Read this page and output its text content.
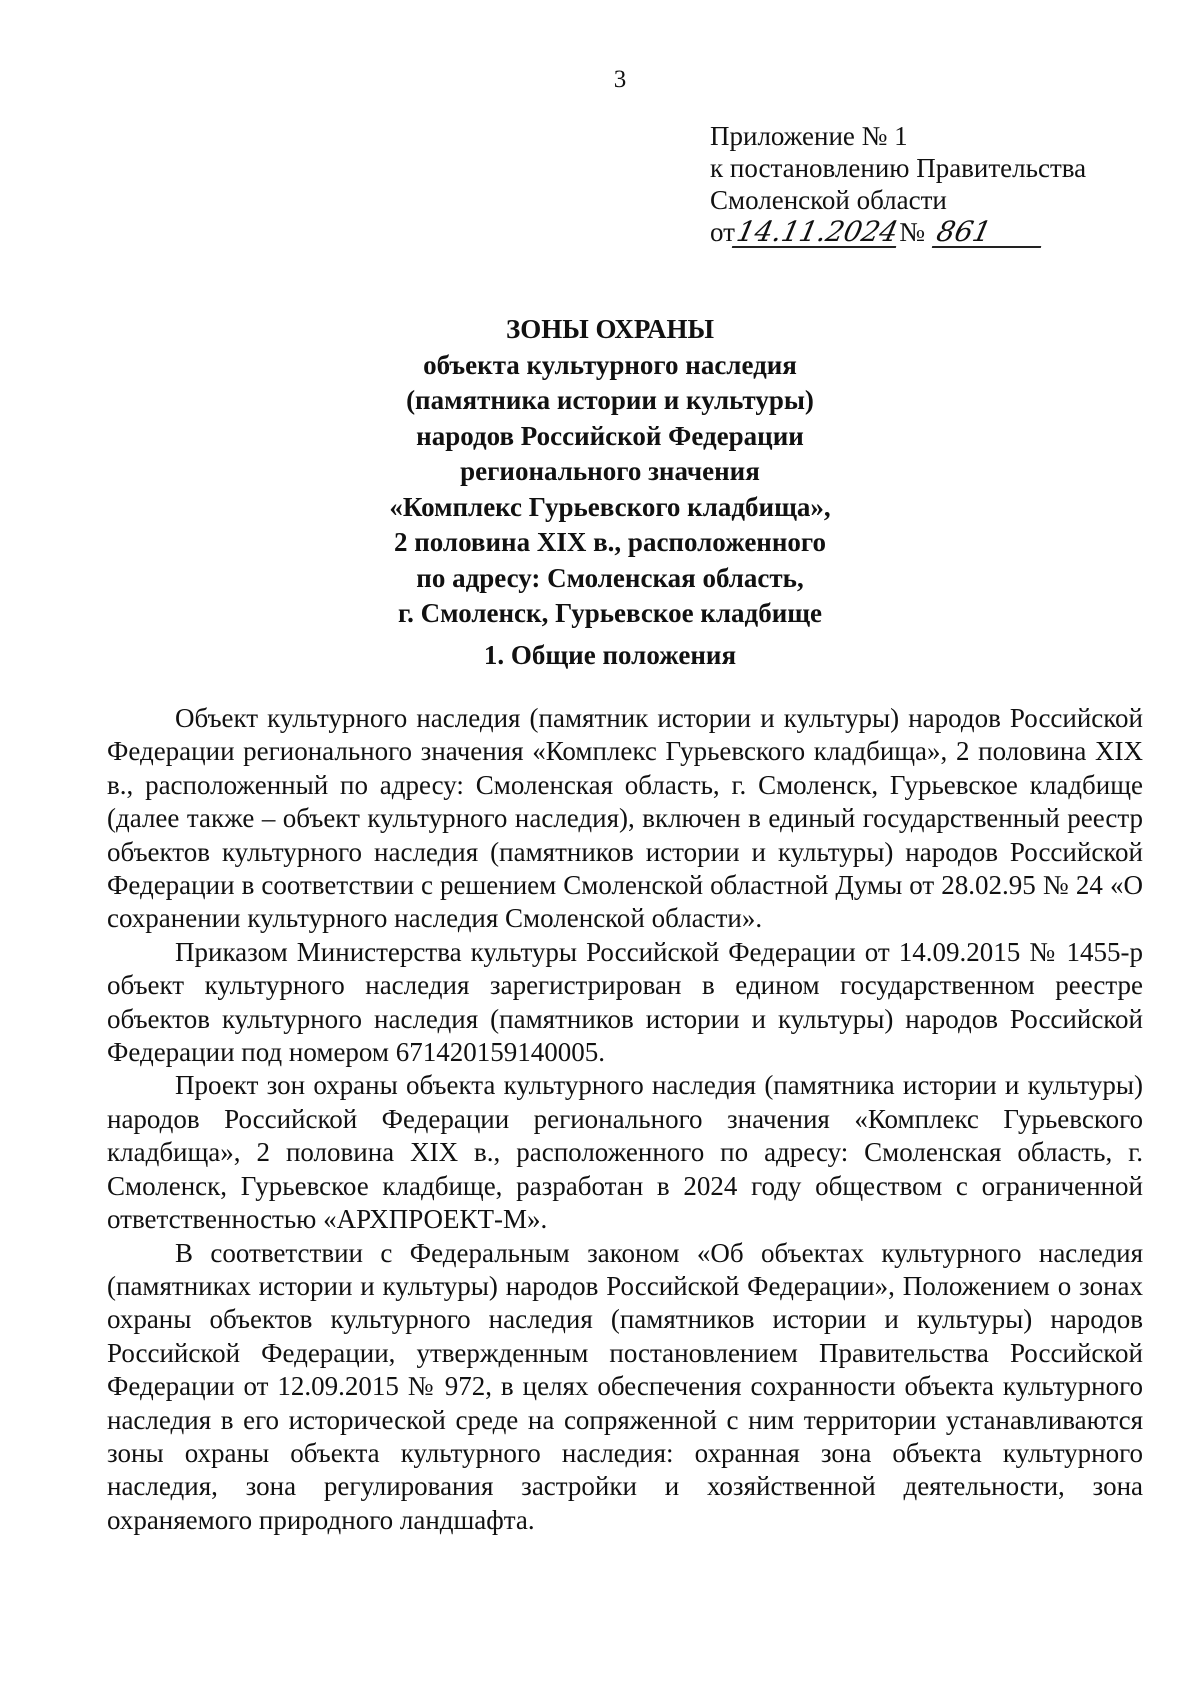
3
Приложение № 1
к постановлению Правительства
Смоленской области
от
14.11.2024
№ 861
ЗОНЫ ОХРАНЫ
объекта культурного наследия
(памятника истории и культуры)
народов Российской Федерации
регионального значения
«Комплекс Гурьевского кладбища»,
2 половина XIX в., расположенного
по адресу: Смоленская область,
г. Смоленск, Гурьевское кладбище
1. Общие положения

Объект культурного наследия (памятник истории и культуры) народов Российской Федерации регионального значения «Комплекс Гурьевского кладбища», 2 половина XIX в., расположенный по адресу: Смоленская область, г. Смоленск, Гурьевское кладбище (далее также – объект культурного наследия), включен в единый государственный реестр объектов культурного наследия (памятников истории и культуры) народов Российской Федерации в соответствии с решением Смоленской областной Думы от 28.02.95 № 24 «О сохранении культурного наследия Смоленской области».

Приказом Министерства культуры Российской Федерации от 14.09.2015 № 1455-р объект культурного наследия зарегистрирован в едином государственном реестре объектов культурного наследия (памятников истории и культуры) народов Российской Федерации под номером 671420159140005.

Проект зон охраны объекта культурного наследия (памятника истории и культуры) народов Российской Федерации регионального значения «Комплекс Гурьевского кладбища», 2 половина XIX в., расположенного по адресу: Смоленская область, г. Смоленск, Гурьевское кладбище, разработан в 2024 году обществом с ограниченной ответственностью «АРХПРОЕКТ-М».

В соответствии с Федеральным законом «Об объектах культурного наследия (памятниках истории и культуры) народов Российской Федерации», Положением о зонах охраны объектов культурного наследия (памятников истории и культуры) народов Российской Федерации, утвержденным постановлением Правительства Российской Федерации от 12.09.2015 № 972, в целях обеспечения сохранности объекта культурного наследия в его исторической среде на сопряженной с ним территории устанавливаются зоны охраны объекта культурного наследия: охранная зона объекта культурного наследия, зона регулирования застройки и хозяйственной деятельности, зона охраняемого природного ландшафта.
